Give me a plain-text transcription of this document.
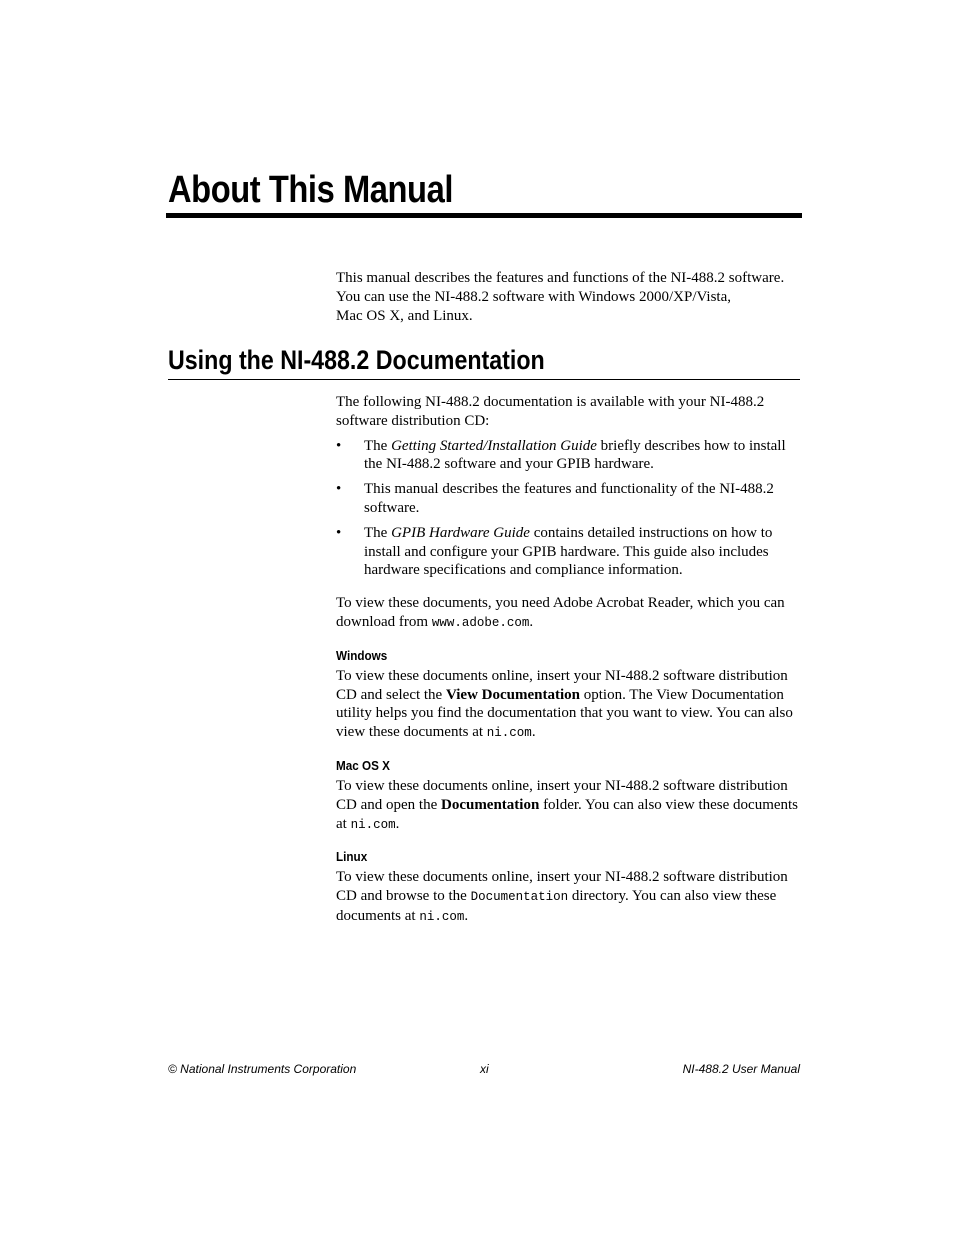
About This Manual

This manual describes the features and functions of the NI-488.2 software.

You can use the NI-488.2 software with Windows 2000/XP/Vista,

Mac OS X, and Linux.

Using the NI-488.2 Documentation

The following NI-488.2 documentation is available with your NI-488.2 software distribution CD:

• The Getting Started/Installation Guide briefly describes how to install the NI-488.2 software and your GPIB hardware.
• This manual describes the features and functionality of the NI-488.2 software.
• The GPIB Hardware Guide contains detailed instructions on how to install and configure your GPIB hardware. This guide also includes hardware specifications and compliance information.

To view these documents, you need Adobe Acrobat Reader, which you can download from www.adobe.com.

Windows

To view these documents online, insert your NI-488.2 software distribution CD and select the View Documentation option. The View Documentation utility helps you find the documentation that you want to view. You can also view these documents at ni.com.

Mac OS X

To view these documents online, insert your NI-488.2 software distribution CD and open the Documentation folder. You can also view these documents at ni.com.

Linux

To view these documents online, insert your NI-488.2 software distribution CD and browse to the Documentation directory. You can also view these documents at ni.com.

© National Instruments Corporation	xi	NI-488.2 User Manual
